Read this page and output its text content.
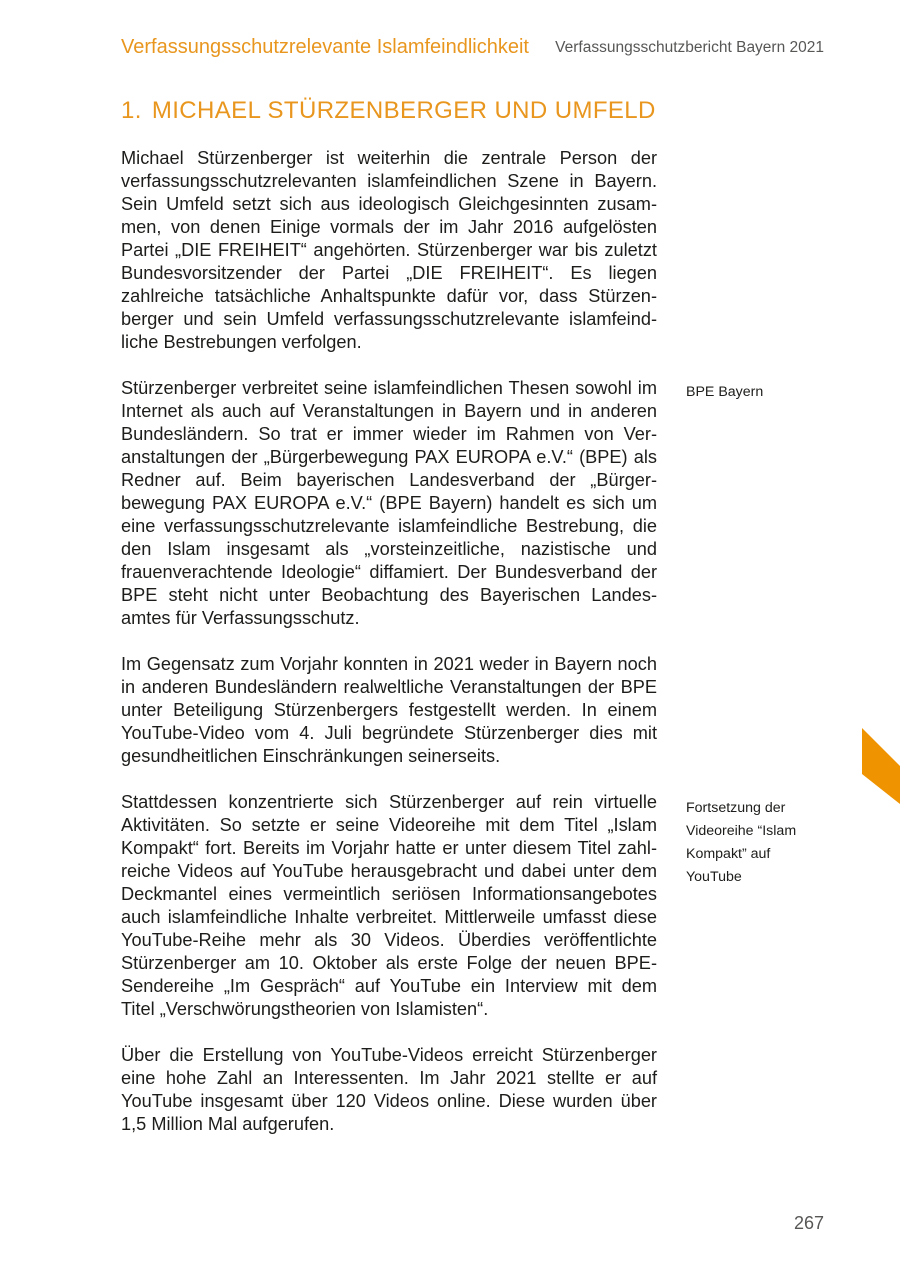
Verfassungsschutzrelevante Islamfeindlichkeit Verfassungsschutzbericht Bayern 2021
1. MICHAEL STÜRZENBERGER UND UMFELD

Michael Stürzenberger ist weiterhin die zentrale Person der verfassungsschutzrelevanten islamfeindlichen Szene in Bayern. Sein Umfeld setzt sich aus ideologisch Gleichgesinnten zusammen, von denen Einige vormals der im Jahr 2016 aufgelösten Partei „DIE FREIHEIT“ angehörten. Stürzenberger war bis zuletzt Bundesvorsitzender der Partei „DIE FREIHEIT“. Es liegen zahlreiche tatsächliche Anhaltspunkte dafür vor, dass Stürzenberger und sein Umfeld verfassungsschutzrelevante islamfeindliche Bestrebungen verfolgen.

Stürzenberger verbreitet seine islamfeindlichen Thesen sowohl im Internet als auch auf Veranstaltungen in Bayern und in anderen Bundesländern. So trat er immer wieder im Rahmen von Veranstaltungen der „Bürgerbewegung PAX EUROPA e.V.“ (BPE) als Redner auf. Beim bayerischen Landesverband der „Bürgerbewegung PAX EUROPA e.V.“ (BPE Bayern) handelt es sich um eine verfassungsschutzrelevante islamfeindliche Bestrebung, die den Islam insgesamt als „vorsteinzeitliche, nazistische und frauenverachtende Ideologie“ diffamiert. Der Bundesverband der BPE steht nicht unter Beobachtung des Bayerischen Landesamtes für Verfassungsschutz.

Im Gegensatz zum Vorjahr konnten in 2021 weder in Bayern noch in anderen Bundesländern realweltliche Veranstaltungen der BPE unter Beteiligung Stürzenbergers festgestellt werden. In einem YouTube-Video vom 4. Juli begründete Stürzenberger dies mit gesundheitlichen Einschränkungen seinerseits.

Stattdessen konzentrierte sich Stürzenberger auf rein virtuelle Aktivitäten. So setzte er seine Videoreihe mit dem Titel „Islam Kompakt“ fort. Bereits im Vorjahr hatte er unter diesem Titel zahlreiche Videos auf YouTube herausgebracht und dabei unter dem Deckmantel eines vermeintlich seriösen Informationsangebotes auch islamfeindliche Inhalte verbreitet. Mittlerweile umfasst diese YouTube-Reihe mehr als 30 Videos. Überdies veröffentlichte Stürzenberger am 10. Oktober als erste Folge der neuen BPE-Sendereihe „Im Gespräch“ auf YouTube ein Interview mit dem Titel „Verschwörungstheorien von Islamisten“.

Über die Erstellung von YouTube-Videos erreicht Stürzenberger eine hohe Zahl an Interessenten. Im Jahr 2021 stellte er auf YouTube insgesamt über 120 Videos online. Diese wurden über 1,5 Million Mal aufgerufen.

BPE Bayern
Fortsetzung der Videoreihe “Islam Kompakt” auf YouTube
267
